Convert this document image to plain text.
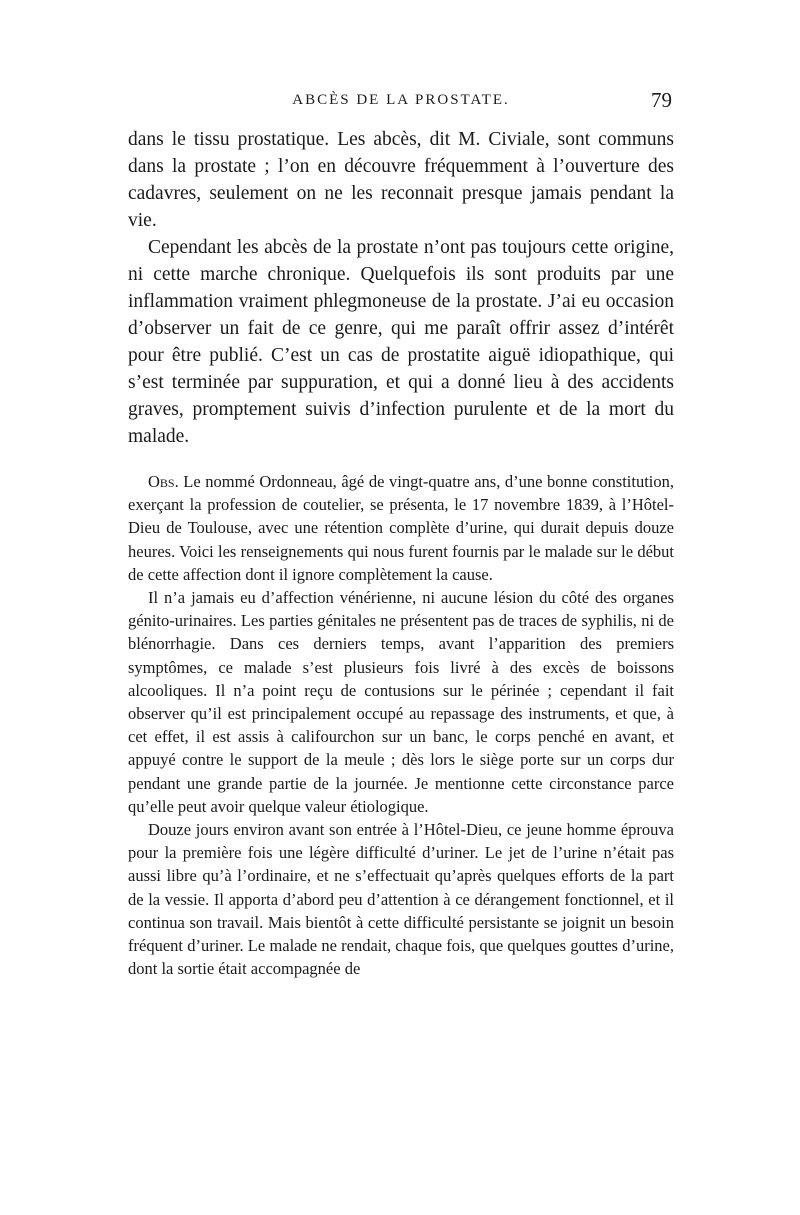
ABCÈS DE LA PROSTATE.	79

dans le tissu prostatique. Les abcès, dit M. Civiale, sont communs dans la prostate ; l’on en découvre fréquemment à l’ouverture des cadavres, seulement on ne les reconnait presque jamais pendant la vie.

Cependant les abcès de la prostate n’ont pas toujours cette origine, ni cette marche chronique. Quelquefois ils sont produits par une inflammation vraiment phlegmoneuse de la prostate. J’ai eu occasion d’observer un fait de ce genre, qui me paraît offrir assez d’intérêt pour être publié. C’est un cas de prostatite aiguë idiopathique, qui s’est terminée par suppuration, et qui a donné lieu à des accidents graves, promptement suivis d’infection purulente et de la mort du malade.

Obs. Le nommé Ordonneau, âgé de vingt-quatre ans, d’une bonne constitution, exerçant la profession de coutelier, se présenta, le 17 novembre 1839, à l’Hôtel-Dieu de Toulouse, avec une rétention complète d’urine, qui durait depuis douze heures. Voici les renseignements qui nous furent fournis par le malade sur le début de cette affection dont il ignore complètement la cause.

Il n’a jamais eu d’affection vénérienne, ni aucune lésion du côté des organes génito-urinaires. Les parties génitales ne présentent pas de traces de syphilis, ni de blénorrhagie. Dans ces derniers temps, avant l’apparition des premiers symptômes, ce malade s’est plusieurs fois livré à des excès de boissons alcooliques. Il n’a point reçu de contusions sur le périnée ; cependant il fait observer qu’il est principalement occupé au repassage des instruments, et que, à cet effet, il est assis à califourchon sur un banc, le corps penché en avant, et appuyé contre le support de la meule ; dès lors le siège porte sur un corps dur pendant une grande partie de la journée. Je mentionne cette circonstance parce qu’elle peut avoir quelque valeur étiologique.

Douze jours environ avant son entrée à l’Hôtel-Dieu, ce jeune homme éprouva pour la première fois une légère difficulté d’uriner. Le jet de l’urine n’était pas aussi libre qu’à l’ordinaire, et ne s’effectuait qu’après quelques efforts de la part de la vessie. Il apporta d’abord peu d’attention à ce dérangement fonctionnel, et il continua son travail. Mais bientôt à cette difficulté persistante se joignit un besoin fréquent d’uriner. Le malade ne rendait, chaque fois, que quelques gouttes d’urine, dont la sortie était accompagnée de
